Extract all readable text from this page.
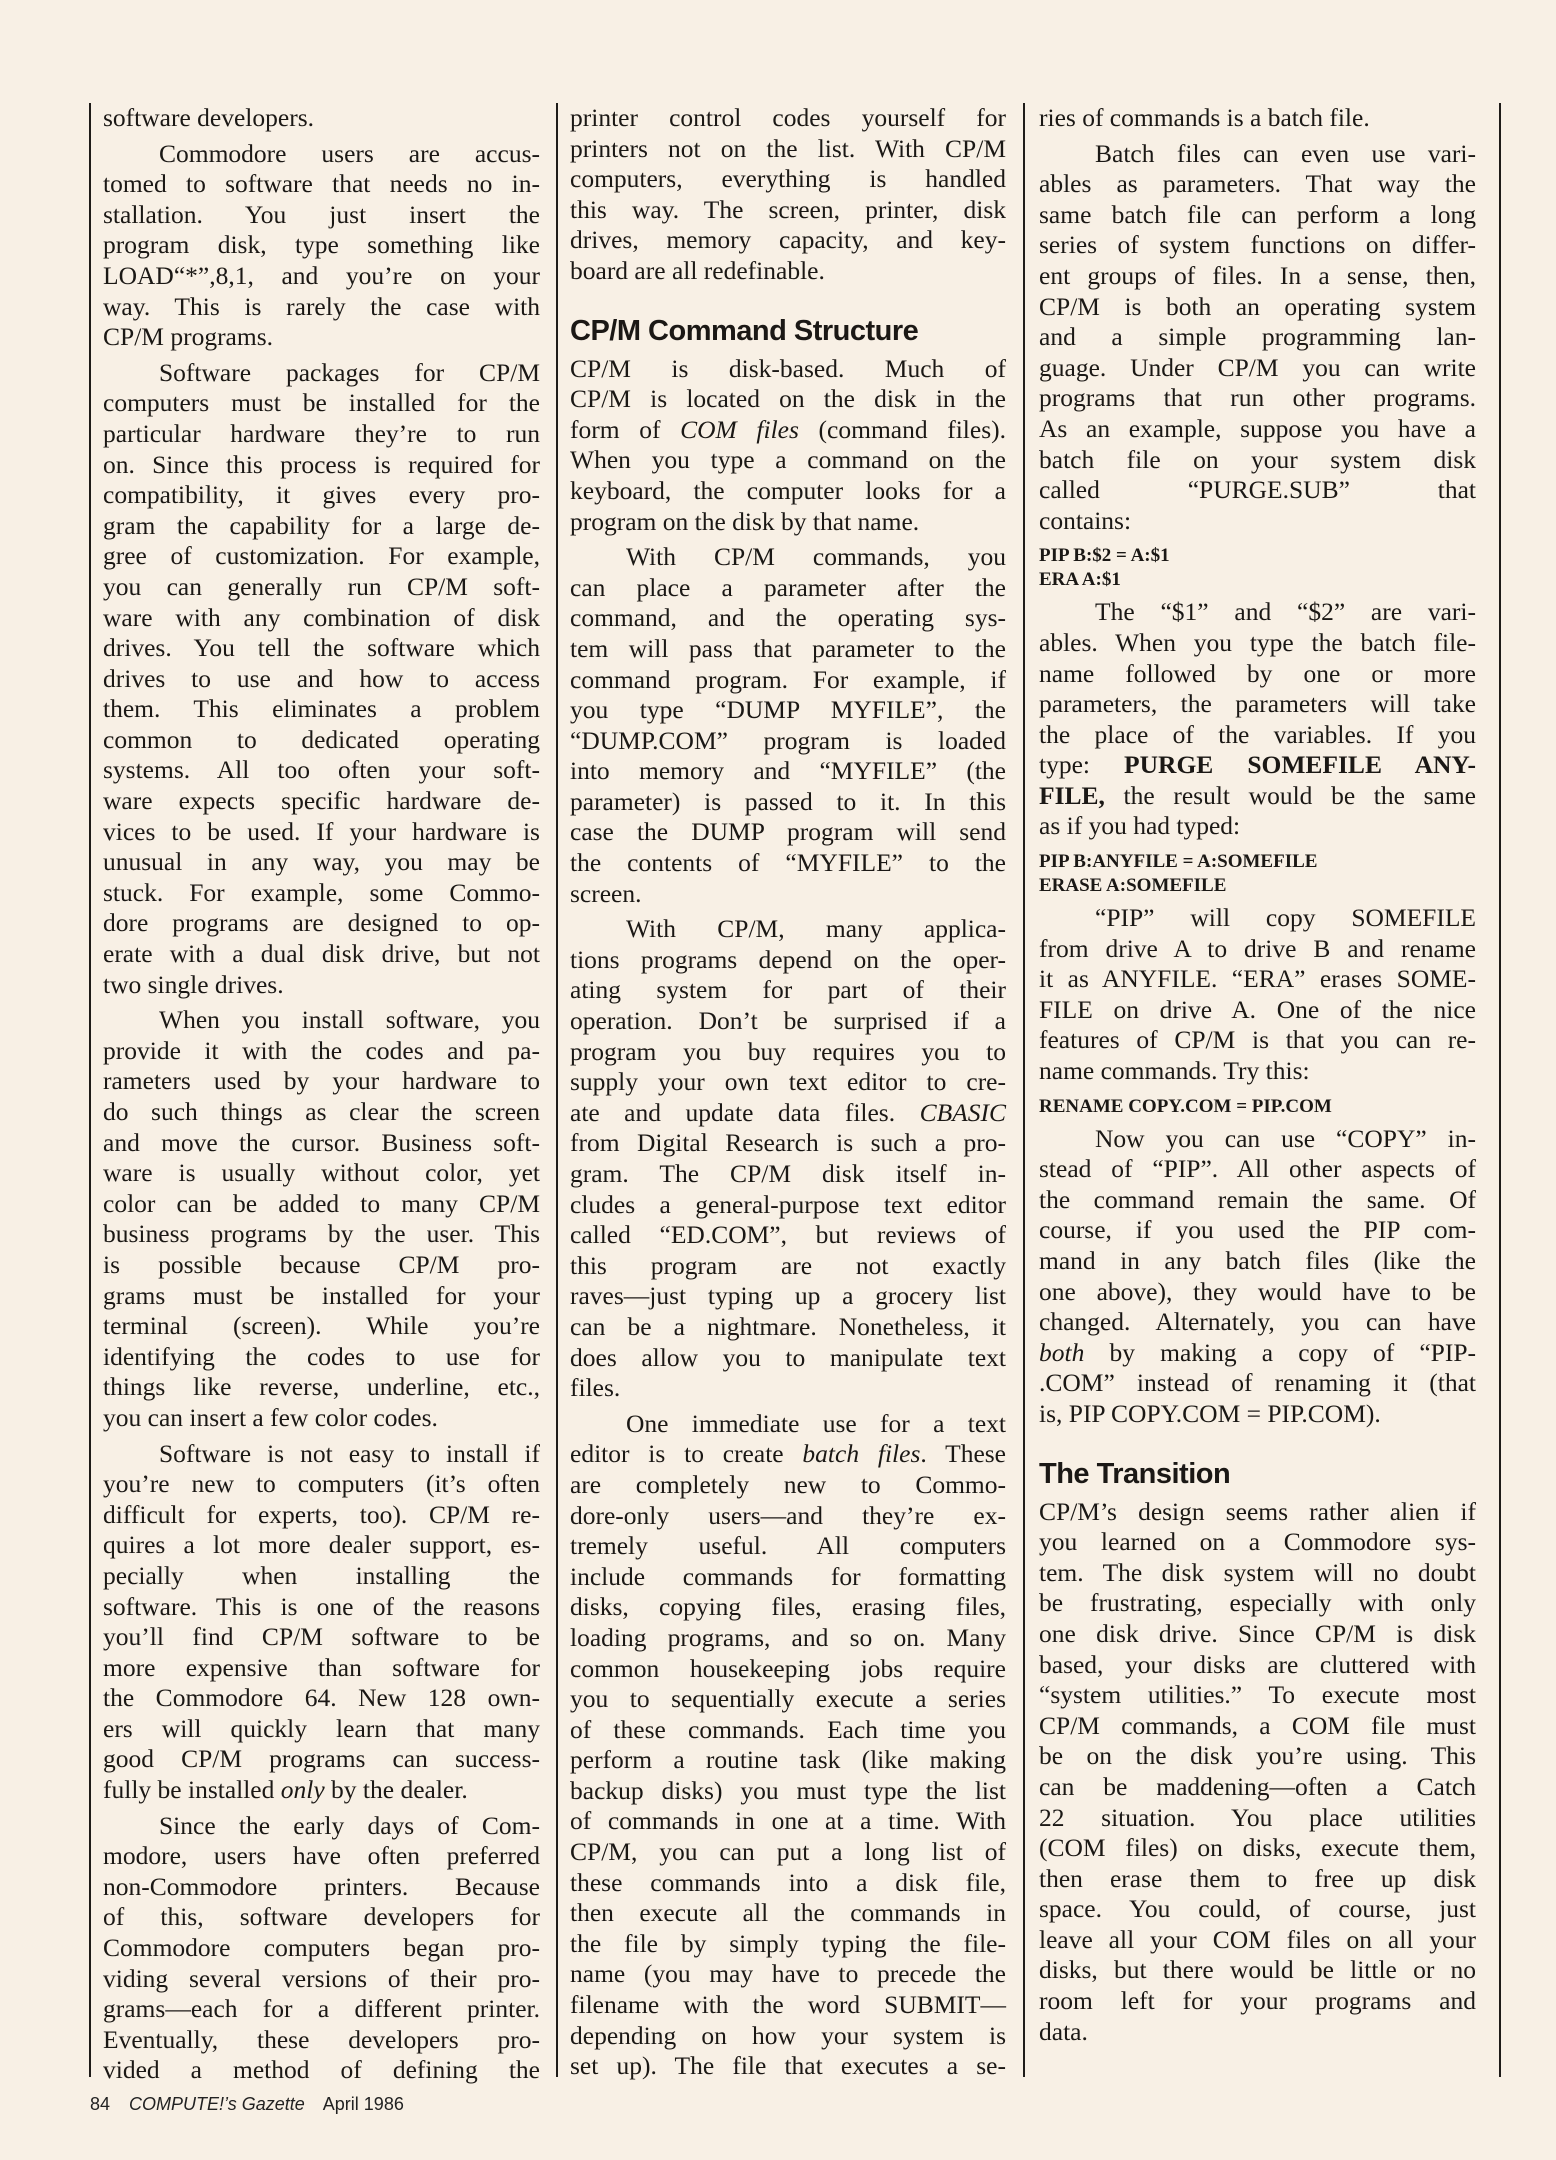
software developers.
Commodore users are accus-
tomed to software that needs no in-
stallation. You just insert the
program disk, type something like
LOAD“*”,8,1, and you’re on your
way. This is rarely the case with
CP/M programs.
Software packages for CP/M
computers must be installed for the
particular hardware they’re to run
on. Since this process is required for
compatibility, it gives every pro-
gram the capability for a large de-
gree of customization. For example,
you can generally run CP/M soft-
ware with any combination of disk
drives. You tell the software which
drives to use and how to access
them. This eliminates a problem
common to dedicated operating
systems. All too often your soft-
ware expects specific hardware de-
vices to be used. If your hardware is
unusual in any way, you may be
stuck. For example, some Commo-
dore programs are designed to op-
erate with a dual disk drive, but not
two single drives.
When you install software, you
provide it with the codes and pa-
rameters used by your hardware to
do such things as clear the screen
and move the cursor. Business soft-
ware is usually without color, yet
color can be added to many CP/M
business programs by the user. This
is possible because CP/M pro-
grams must be installed for your
terminal (screen). While you’re
identifying the codes to use for
things like reverse, underline, etc.,
you can insert a few color codes.
Software is not easy to install if
you’re new to computers (it’s often
difficult for experts, too). CP/M re-
quires a lot more dealer support, es-
pecially when installing the
software. This is one of the reasons
you’ll find CP/M software to be
more expensive than software for
the Commodore 64. New 128 own-
ers will quickly learn that many
good CP/M programs can success-
fully be installed only by the dealer.
Since the early days of Com-
modore, users have often preferred
non-Commodore printers. Because
of this, software developers for
Commodore computers began pro-
viding several versions of their pro-
grams—each for a different printer.
Eventually, these developers pro-
vided a method of defining the
printer control codes yourself for
printers not on the list. With CP/M
computers, everything is handled
this way. The screen, printer, disk
drives, memory capacity, and key-
board are all redefinable.
CP/M Command Structure
CP/M is disk-based. Much of
CP/M is located on the disk in the
form of COM files (command files).
When you type a command on the
keyboard, the computer looks for a
program on the disk by that name.
With CP/M commands, you
can place a parameter after the
command, and the operating sys-
tem will pass that parameter to the
command program. For example, if
you type “DUMP MYFILE”, the
“DUMP.COM” program is loaded
into memory and “MYFILE” (the
parameter) is passed to it. In this
case the DUMP program will send
the contents of “MYFILE” to the
screen.
With CP/M, many applica-
tions programs depend on the oper-
ating system for part of their
operation. Don’t be surprised if a
program you buy requires you to
supply your own text editor to cre-
ate and update data files. CBASIC
from Digital Research is such a pro-
gram. The CP/M disk itself in-
cludes a general-purpose text editor
called “ED.COM”, but reviews of
this program are not exactly
raves—just typing up a grocery list
can be a nightmare. Nonetheless, it
does allow you to manipulate text
files.
One immediate use for a text
editor is to create batch files. These
are completely new to Commo-
dore-only users—and they’re ex-
tremely useful. All computers
include commands for formatting
disks, copying files, erasing files,
loading programs, and so on. Many
common housekeeping jobs require
you to sequentially execute a series
of these commands. Each time you
perform a routine task (like making
backup disks) you must type the list
of commands in one at a time. With
CP/M, you can put a long list of
these commands into a disk file,
then execute all the commands in
the file by simply typing the file-
name (you may have to precede the
filename with the word SUBMIT—
depending on how your system is
set up). The file that executes a se-
ries of commands is a batch file.
Batch files can even use vari-
ables as parameters. That way the
same batch file can perform a long
series of system functions on differ-
ent groups of files. In a sense, then,
CP/M is both an operating system
and a simple programming lan-
guage. Under CP/M you can write
programs that run other programs.
As an example, suppose you have a
batch file on your system disk
called “PURGE.SUB” that
contains:
PIP B:$2 = A:$1
ERA A:$1
The “$1” and “$2” are vari-
ables. When you type the batch file-
name followed by one or more
parameters, the parameters will take
the place of the variables. If you
type: PURGE SOMEFILE ANY-
FILE, the result would be the same
as if you had typed:
PIP B:ANYFILE = A:SOMEFILE
ERASE A:SOMEFILE
“PIP” will copy SOMEFILE
from drive A to drive B and rename
it as ANYFILE. “ERA” erases SOME-
FILE on drive A. One of the nice
features of CP/M is that you can re-
name commands. Try this:
RENAME COPY.COM = PIP.COM
Now you can use “COPY” in-
stead of “PIP”. All other aspects of
the command remain the same. Of
course, if you used the PIP com-
mand in any batch files (like the
one above), they would have to be
changed. Alternately, you can have
both by making a copy of “PIP-
.COM” instead of renaming it (that
is, PIP COPY.COM = PIP.COM).
The Transition
CP/M’s design seems rather alien if
you learned on a Commodore sys-
tem. The disk system will no doubt
be frustrating, especially with only
one disk drive. Since CP/M is disk
based, your disks are cluttered with
“system utilities.” To execute most
CP/M commands, a COM file must
be on the disk you’re using. This
can be maddening—often a Catch
22 situation. You place utilities
(COM files) on disks, execute them,
then erase them to free up disk
space. You could, of course, just
leave all your COM files on all your
disks, but there would be little or no
room left for your programs and
data.
84 COMPUTE!’s Gazette April 1986
